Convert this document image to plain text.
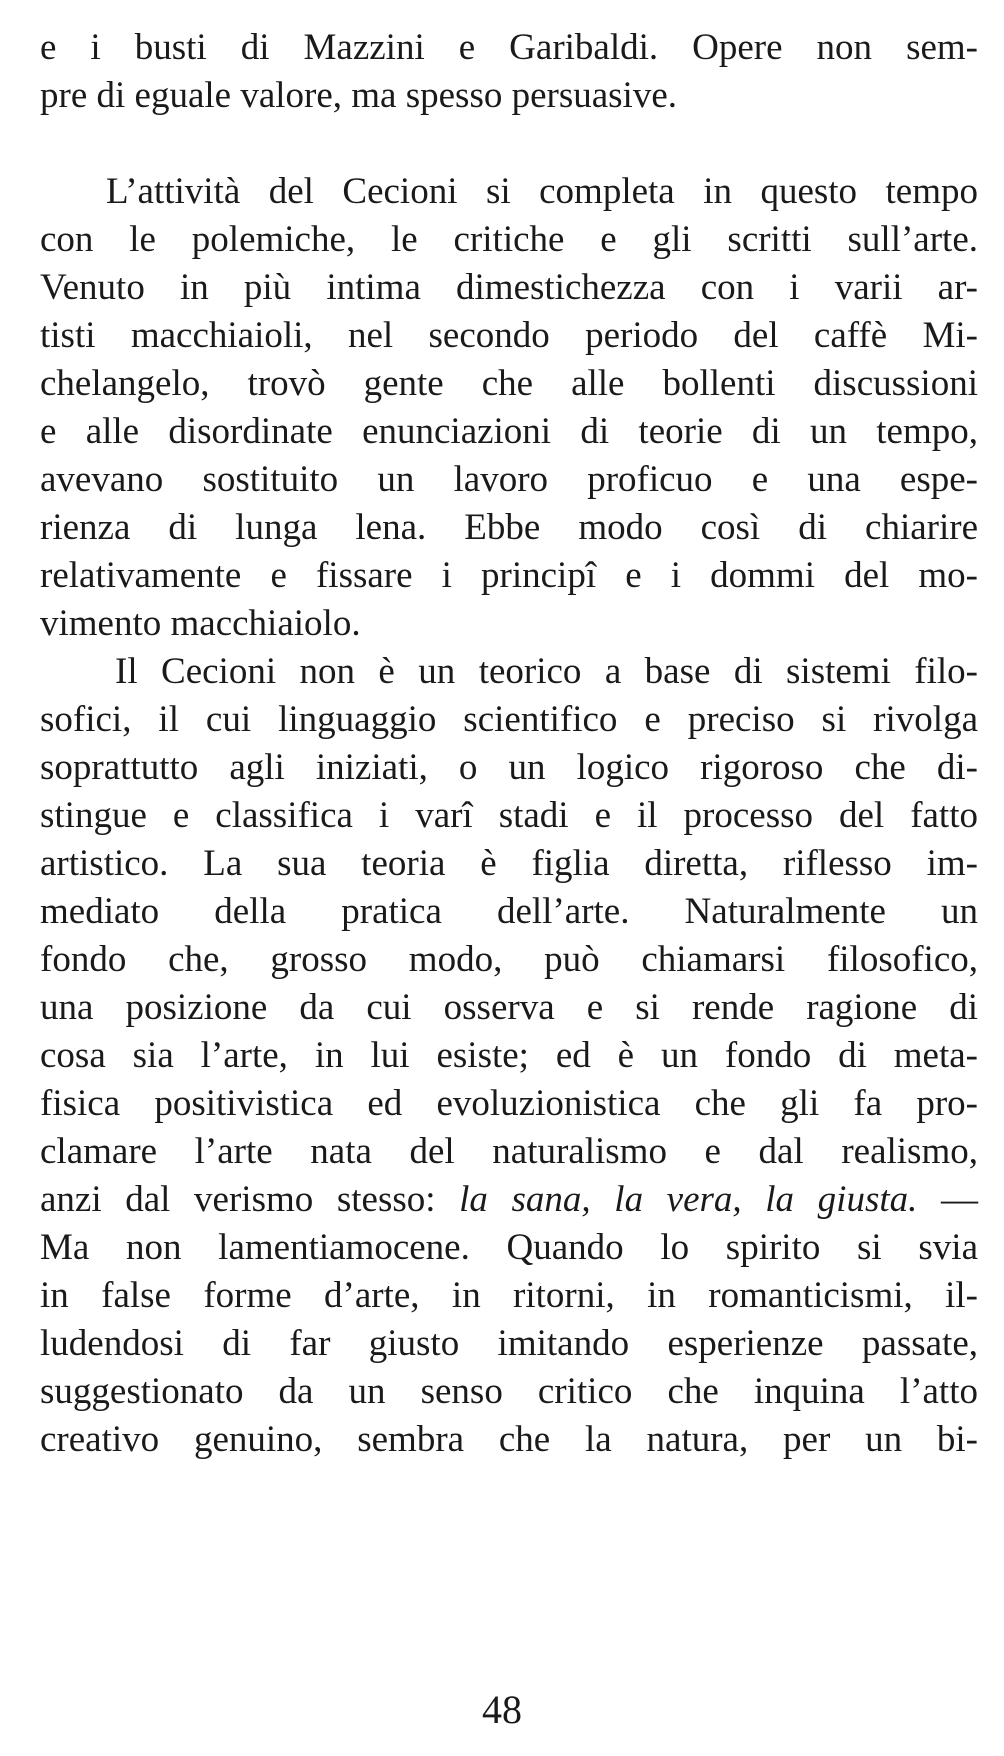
e i busti di Mazzini e Garibaldi. Opere non sem-
pre di eguale valore, ma spesso persuasive.
L’attività del Cecioni si completa in questo tempo
con le polemiche, le critiche e gli scritti sull’arte.
Venuto in più intima dimestichezza con i varii ar-
tisti macchiaioli, nel secondo periodo del caffè Mi-
chelangelo, trovò gente che alle bollenti discussioni
e alle disordinate enunciazioni di teorie di un tempo,
avevano sostituito un lavoro proficuo e una espe-
rienza di lunga lena. Ebbe modo così di chiarire
relativamente e fissare i principî e i dommi del mo-
vimento macchiaiolo.
Il Cecioni non è un teorico a base di sistemi filo-
sofici, il cui linguaggio scientifico e preciso si rivolga
soprattutto agli iniziati, o un logico rigoroso che di-
stingue e classifica i varî stadi e il processo del fatto
artistico. La sua teoria è figlia diretta, riflesso im-
mediato della pratica dell’arte. Naturalmente un
fondo che, grosso modo, può chiamarsi filosofico,
una posizione da cui osserva e si rende ragione di
cosa sia l’arte, in lui esiste; ed è un fondo di meta-
fisica positivistica ed evoluzionistica che gli fa pro-
clamare l’arte nata del naturalismo e dal realismo,
anzi dal verismo stesso: la sana, la vera, la giusta. —
Ma non lamentiamocene. Quando lo spirito si svia
in false forme d’arte, in ritorni, in romanticismi, il-
ludendosi di far giusto imitando esperienze passate,
suggestionato da un senso critico che inquina l’atto
creativo genuino, sembra che la natura, per un bi-
48
